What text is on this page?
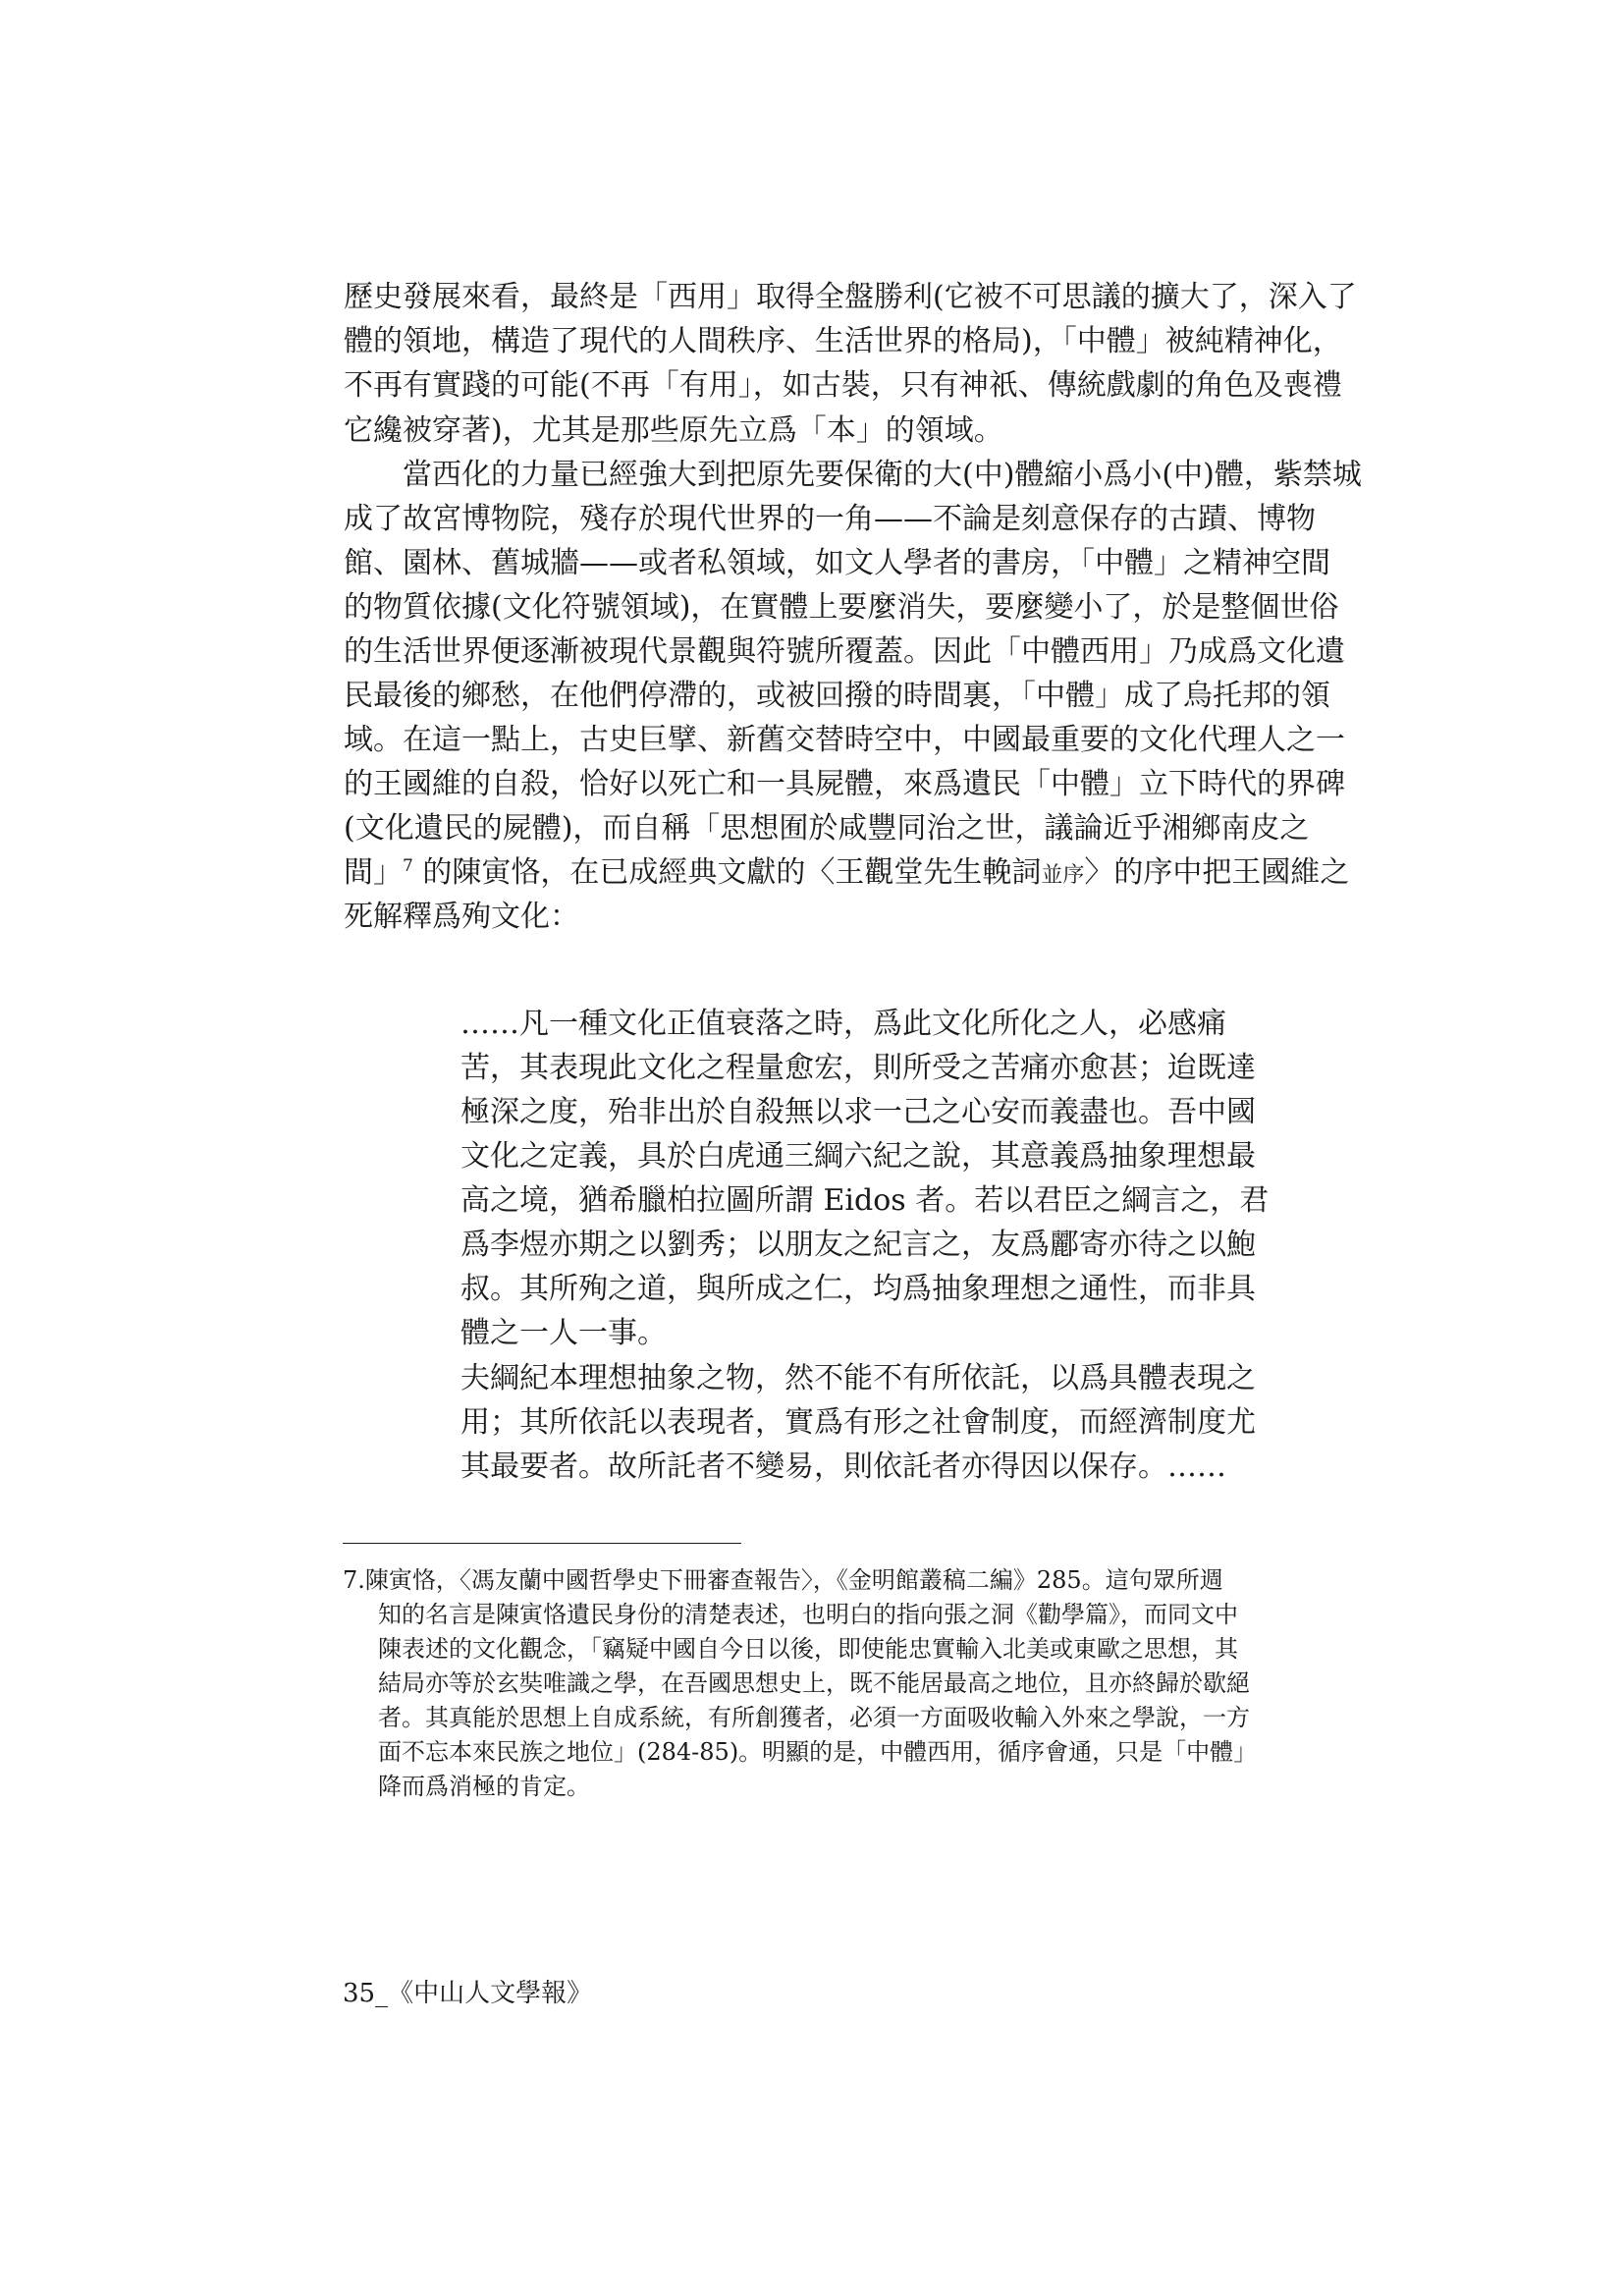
歷史發展來看，最終是「西用」取得全盤勝利(它被不可思議的擴大了，深入了
體的領地，構造了現代的人間秩序、生活世界的格局)，「中體」被純精神化，
不再有實踐的可能(不再「有用」，如古裝，只有神祇、傳統戲劇的角色及喪禮
它纔被穿著)，尤其是那些原先立爲「本」的領域。
　　當西化的力量已經強大到把原先要保衛的大(中)體縮小爲小(中)體，紫禁城
成了故宮博物院，殘存於現代世界的一角——不論是刻意保存的古蹟、博物
館、園林、舊城牆——或者私領域，如文人學者的書房，「中體」之精神空間
的物質依據(文化符號領域)，在實體上要麼消失，要麼變小了，於是整個世俗
的生活世界便逐漸被現代景觀與符號所覆蓋。因此「中體西用」乃成爲文化遺
民最後的鄉愁，在他們停滯的，或被回撥的時間裏，「中體」成了烏托邦的領
域。在這一點上，古史巨擘、新舊交替時空中，中國最重要的文化代理人之一
的王國維的自殺，恰好以死亡和一具屍體，來爲遺民「中體」立下時代的界碑
(文化遺民的屍體)，而自稱「思想囿於咸豐同治之世，議論近乎湘鄉南皮之
間」$^7$ 的陳寅恪，在已成經典文獻的〈王觀堂先生輓詞並序〉的序中把王國維之
死解釋爲殉文化：
……凡一種文化正值衰落之時，爲此文化所化之人，必感痛
苦，其表現此文化之程量愈宏，則所受之苦痛亦愈甚；迨既達
極深之度，殆非出於自殺無以求一己之心安而義盡也。吾中國
文化之定義，具於白虎通三綱六紀之說，其意義爲抽象理想最
高之境，猶希臘柏拉圖所謂 Eidos 者。若以君臣之綱言之，君
爲李煜亦期之以劉秀；以朋友之紀言之，友爲酈寄亦待之以鮑
叔。其所殉之道，與所成之仁，均爲抽象理想之通性，而非具
體之一人一事。
夫綱紀本理想抽象之物，然不能不有所依託，以爲具體表現之
用；其所依託以表現者，實爲有形之社會制度，而經濟制度尤
其最要者。故所託者不變易，則依託者亦得因以保存。……
7.陳寅恪，〈馮友蘭中國哲學史下冊審查報告〉，《金明館叢稿二編》285。這句眾所週
知的名言是陳寅恪遺民身份的清楚表述，也明白的指向張之洞《勸學篇》，而同文中
陳表述的文化觀念，「竊疑中國自今日以後，即使能忠實輸入北美或東歐之思想，其
結局亦等於玄奘唯識之學，在吾國思想史上，既不能居最高之地位，且亦終歸於歇絕
者。其真能於思想上自成系統，有所創獲者，必須一方面吸收輸入外來之學說，一方
面不忘本來民族之地位」(284-85)。明顯的是，中體西用，循序會通，只是「中體」
降而爲消極的肯定。
35_《中山人文學報》
